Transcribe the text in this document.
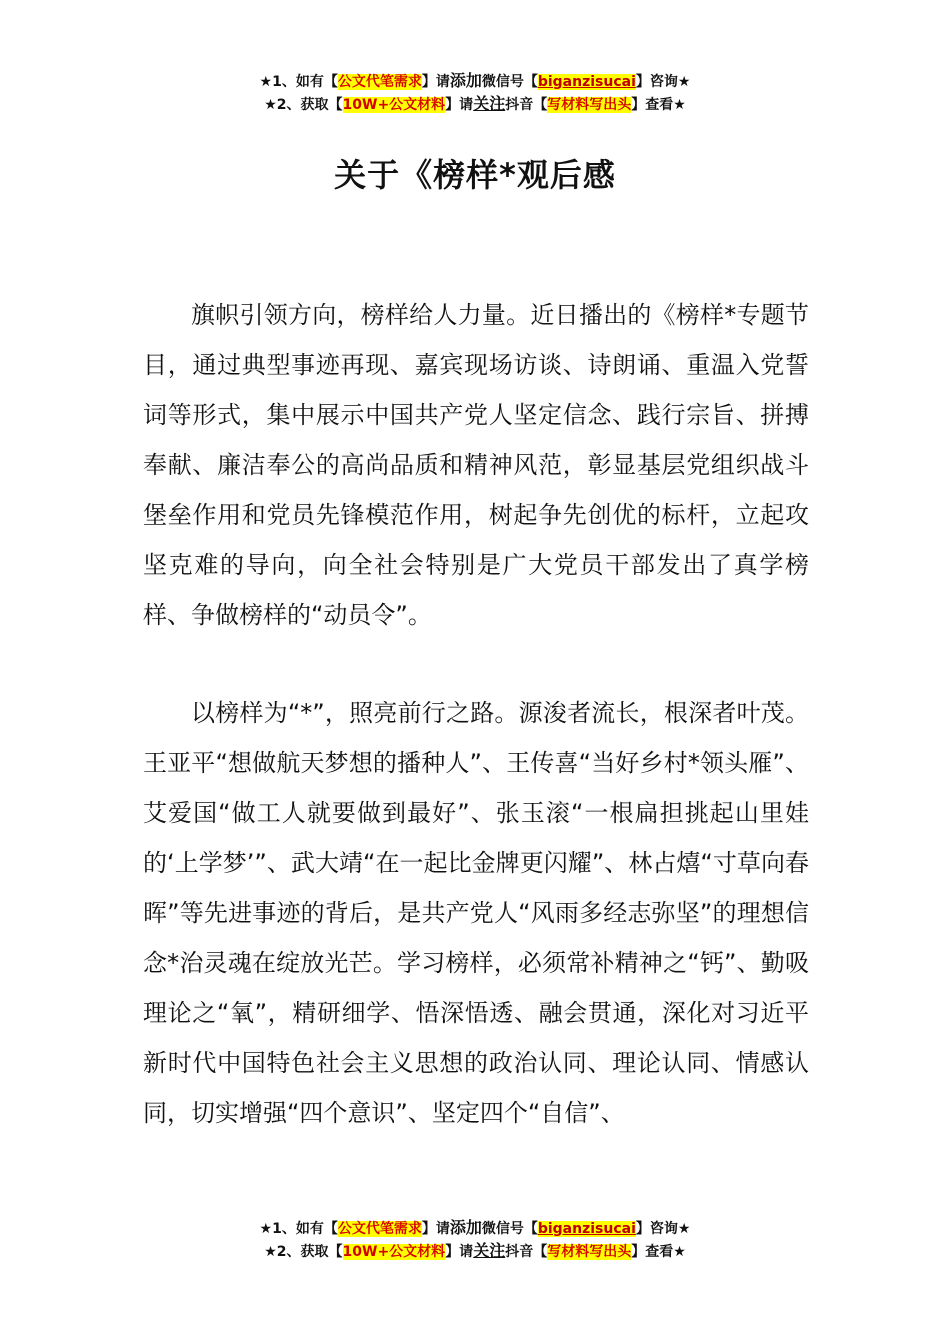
★1、如有【公文代笔需求】请添加微信号【biganzisucai】咨询★
★2、获取【10W+公文材料】请关注抖音【写材料写出头】查看★
关于《榜样*观后感

旗帜引领方向，榜样给人力量。近日播出的《榜样*专题节目，通过典型事迹再现、嘉宾现场访谈、诗朗诵、重温入党誓词等形式，集中展示中国共产党人坚定信念、践行宗旨、拼搏奉献、廉洁奉公的高尚品质和精神风范，彰显基层党组织战斗堡垒作用和党员先锋模范作用，树起争先创优的标杆，立起攻坚克难的导向，向全社会特别是广大党员干部发出了真学榜样、争做榜样的“动员令”。

以榜样为“*”，照亮前行之路。源浚者流长，根深者叶茂。王亚平“想做航天梦想的播种人”、王传喜“当好乡村*领头雁”、艾爱国“做工人就要做到最好”、张玉滚“一根扁担挑起山里娃的‘上学梦’”、武大靖“在一起比金牌更闪耀”、林占熺“寸草向春晖”等先进事迹的背后，是共产党人“风雨多经志弥坚”的理想信念*治灵魂在绽放光芒。学习榜样，必须常补精神之“钙”、勤吸理论之“氧”，精研细学、悟深悟透、融会贯通，深化对习近平新时代中国特色社会主义思想的政治认同、理论认同、情感认同，切实增强“四个意识”、坚定四个“自信”、

★1、如有【公文代笔需求】请添加微信号【biganzisucai】咨询★
★2、获取【10W+公文材料】请关注抖音【写材料写出头】查看★
